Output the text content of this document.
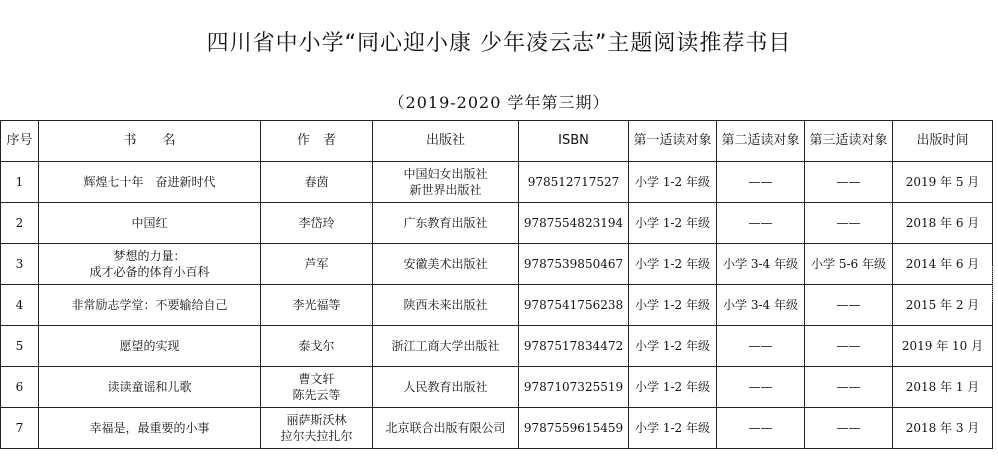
四川省中小学“同心迎小康 少年凌云志”主题阅读推荐书目
（2019-2020 学年第三期）
序号	书　　名	作　者	出版社	ISBN	第一适读对象	第二适读对象	第三适读对象	出版时间
1	辉煌七十年　奋进新时代	春茵	中国妇女出版社
新世界出版社	978512717527	小学 1-2 年级	——	——	2019 年 5 月
2	中国红	李岱玲	广东教育出版社	9787554823194	小学 1-2 年级	——	——	2018 年 6 月
3	梦想的力量：
成才必备的体育小百科	芦军	安徽美术出版社	9787539850467	小学 1-2 年级	小学 3-4 年级	小学 5-6 年级	2014 年 6 月
4	非常励志学堂：不要输给自己	李光福等	陕西未来出版社	9787541756238	小学 1-2 年级	小学 3-4 年级	——	2015 年 2 月
5	愿望的实现	泰戈尔	浙江工商大学出版社	9787517834472	小学 1-2 年级	——	——	2019 年 10 月
6	读读童谣和儿歌	曹文轩
陈先云等	人民教育出版社	9787107325519	小学 1-2 年级	——	——	2018 年 1 月
7	幸福是，最重要的小事	丽萨斯沃林
拉尔夫拉扎尔	北京联合出版有限公司	9787559615459	小学 1-2 年级	——	——	2018 年 3 月
